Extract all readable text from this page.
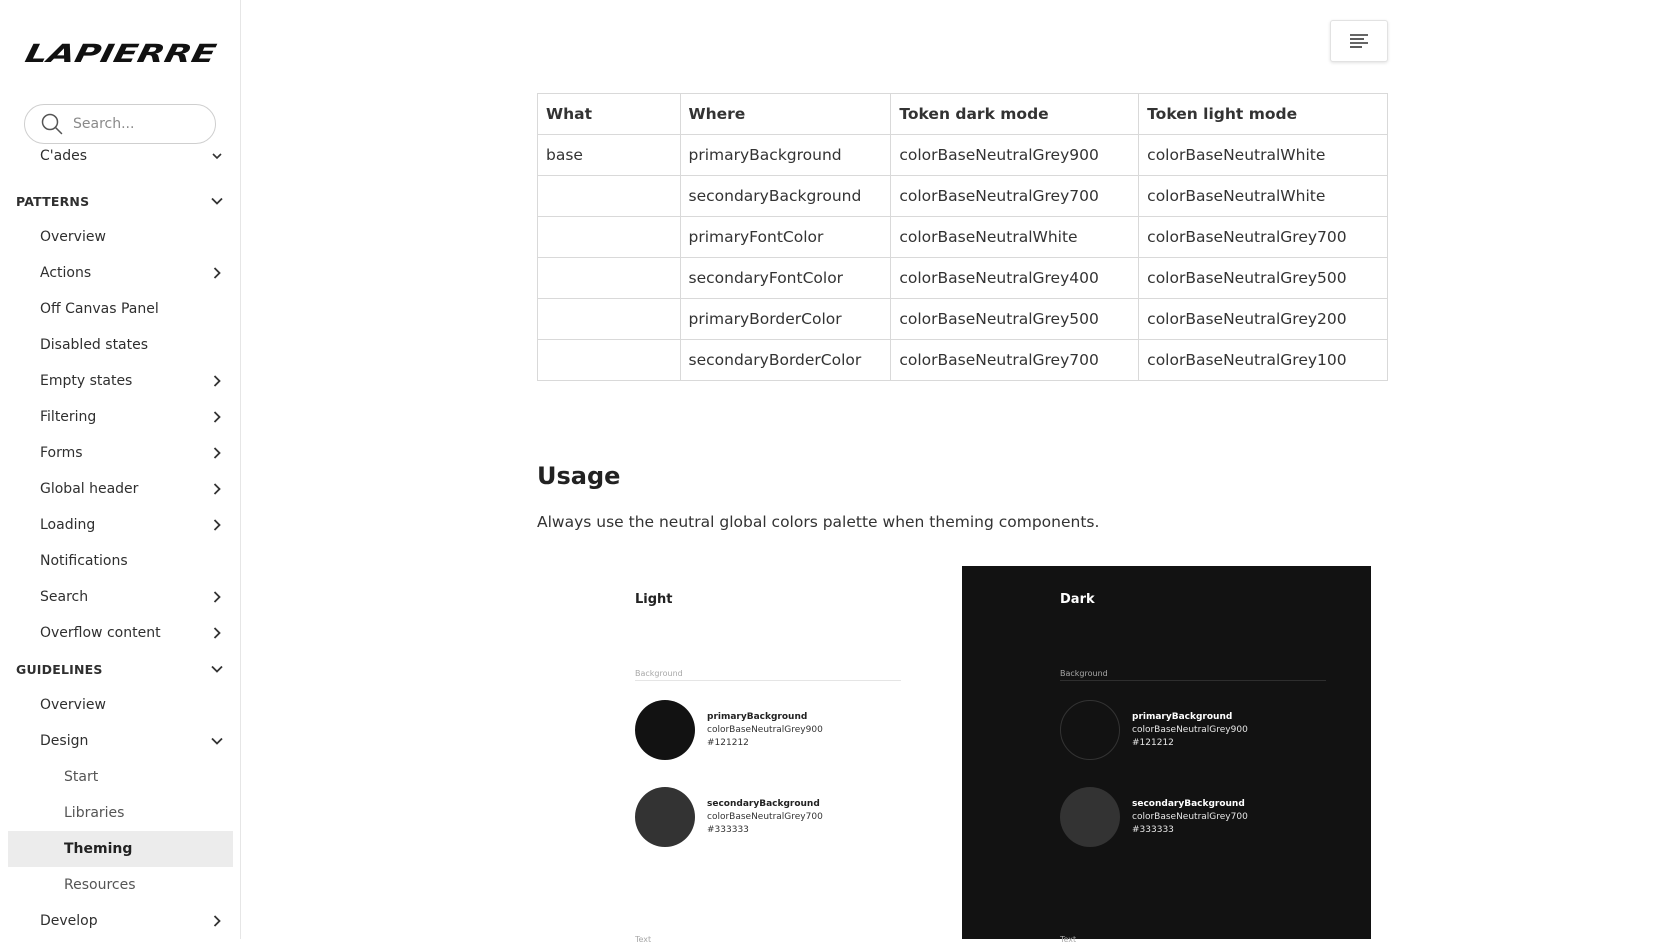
LAPIERRE
Search...
C'ades
PATTERNS
Overview
Actions
Off Canvas Panel
Disabled states
Empty states
Filtering
Forms
Global header
Loading
Notifications
Search
Overflow content
GUIDELINES
Overview
Design
Start
Libraries
Theming
Resources
Develop
What	Where	Token dark mode	Token light mode
base	primaryBackground	colorBaseNeutralGrey900	colorBaseNeutralWhite
	secondaryBackground	colorBaseNeutralGrey700	colorBaseNeutralWhite
	primaryFontColor	colorBaseNeutralWhite	colorBaseNeutralGrey700
	secondaryFontColor	colorBaseNeutralGrey400	colorBaseNeutralGrey500
	primaryBorderColor	colorBaseNeutralGrey500	colorBaseNeutralGrey200
	secondaryBorderColor	colorBaseNeutralGrey700	colorBaseNeutralGrey100
Usage

Always use the neutral global colors palette when theming components.

Light
Background
primaryBackground
colorBaseNeutralGrey900
#121212
secondaryBackground
colorBaseNeutralGrey700
#333333
Text
Dark
Background
primaryBackground
colorBaseNeutralGrey900
#121212
secondaryBackground
colorBaseNeutralGrey700
#333333
Text
